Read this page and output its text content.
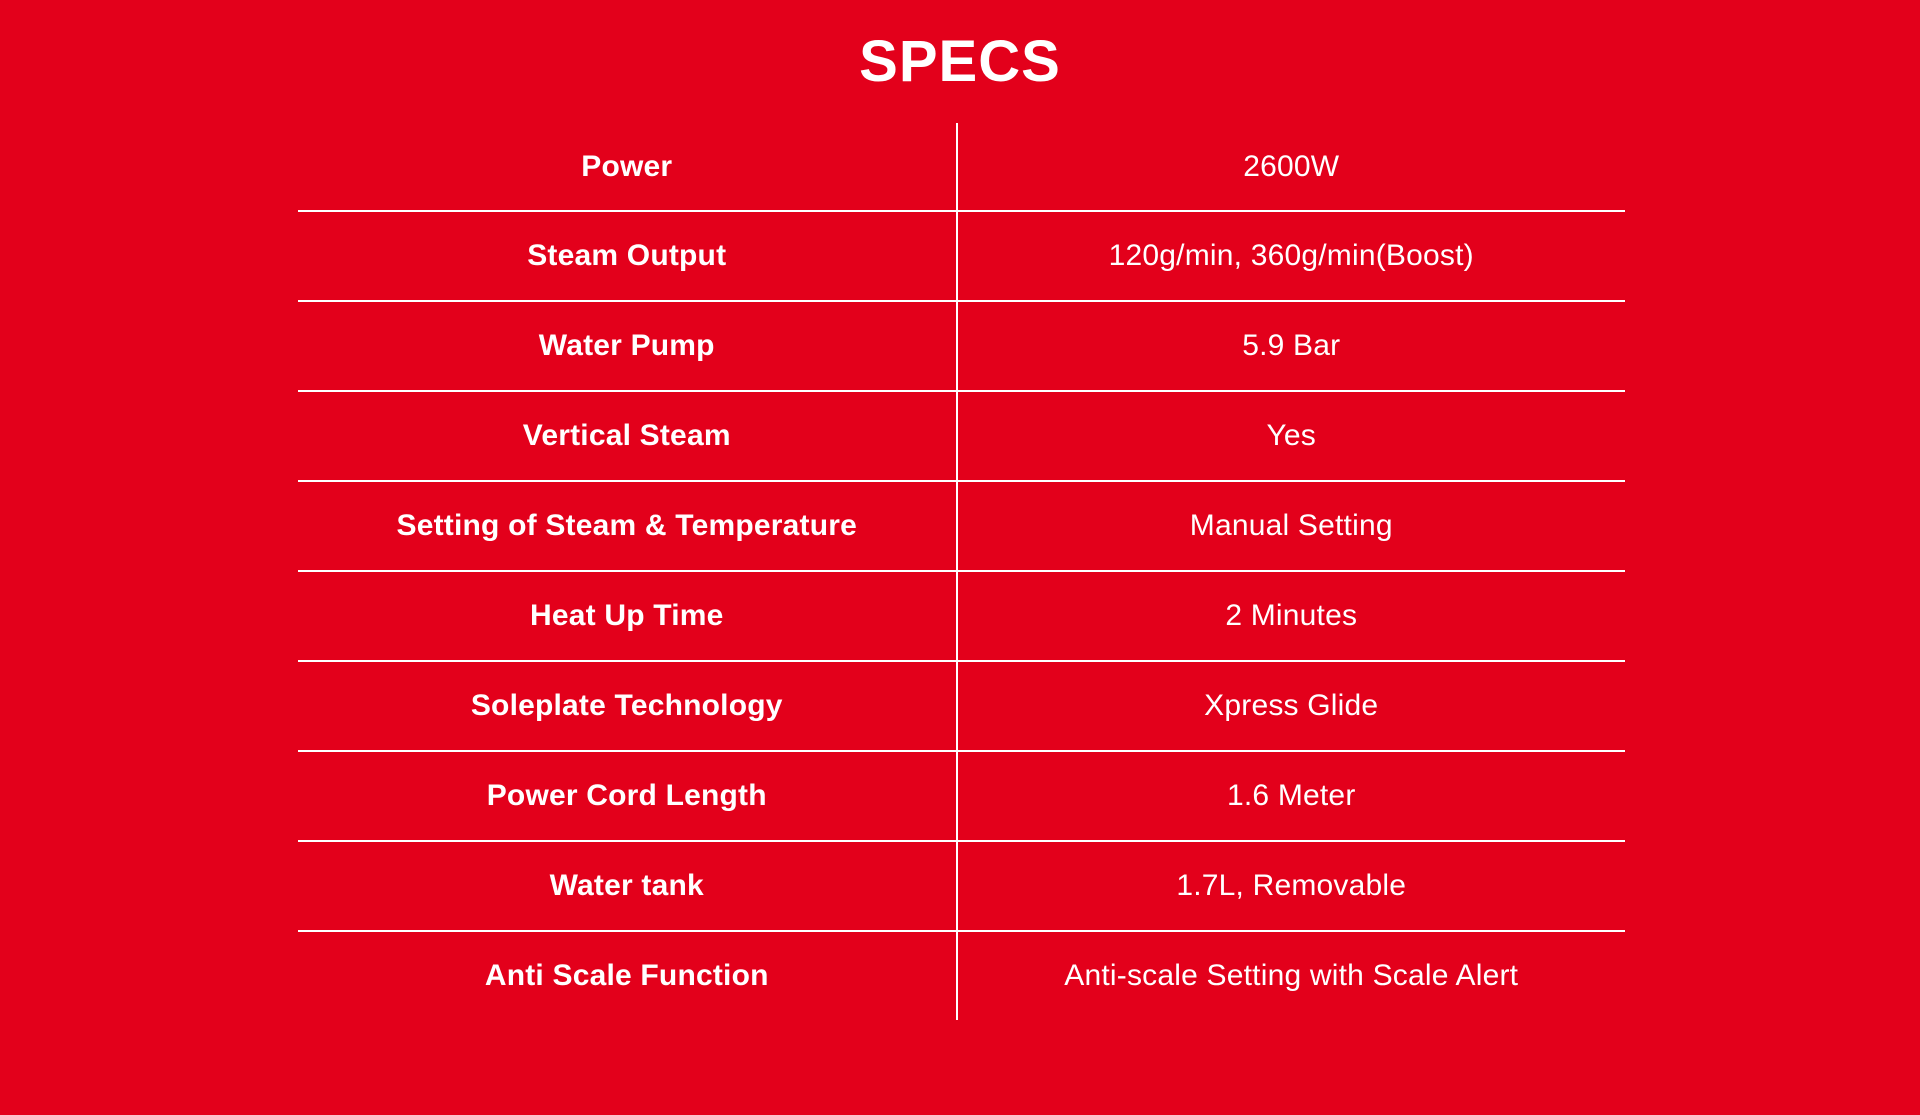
SPECS
Power	2600W
Steam Output	120g/min, 360g/min(Boost)
Water Pump	5.9 Bar
Vertical Steam	Yes
Setting of Steam & Temperature	Manual Setting
Heat Up Time	2 Minutes
Soleplate Technology	Xpress Glide
Power Cord Length	1.6 Meter
Water tank	1.7L, Removable
Anti Scale Function	Anti-scale Setting with Scale Alert
